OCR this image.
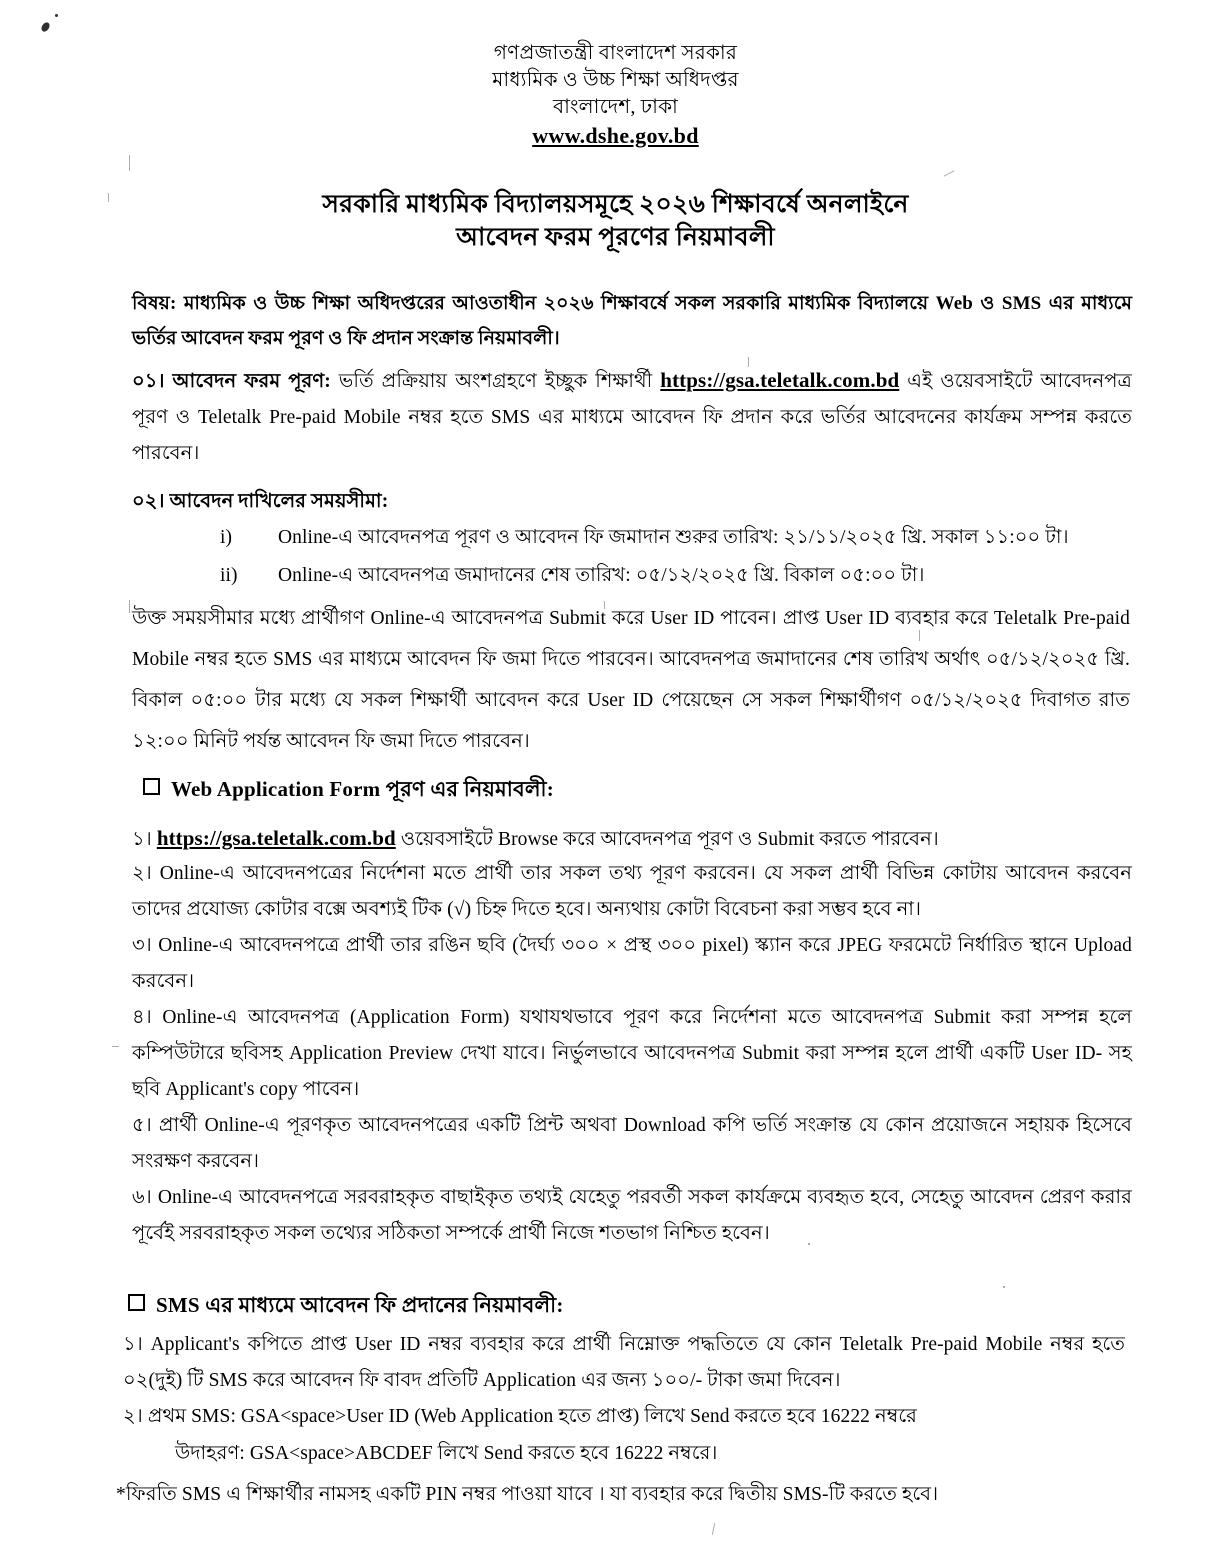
গণপ্রজাতন্ত্রী বাংলাদেশ সরকার
মাধ্যমিক ও উচ্চ শিক্ষা অধিদপ্তর
বাংলাদেশ, ঢাকা
www.dshe.gov.bd
সরকারি মাধ্যমিক বিদ্যালয়সমূহে ২০২৬ শিক্ষাবর্ষে অনলাইনে
আবেদন ফরম পূরণের নিয়মাবলী
বিষয়: মাধ্যমিক ও উচ্চ শিক্ষা অধিদপ্তরের আওতাধীন ২০২৬ শিক্ষাবর্ষে সকল সরকারি মাধ্যমিক বিদ্যালয়ে Web ও SMS এর মাধ্যমে ভর্তির আবেদন ফরম পূরণ ও ফি প্রদান সংক্রান্ত নিয়মাবলী।
০১। আবেদন ফরম পূরণ: ভর্তি প্রক্রিয়ায় অংশগ্রহণে ইচ্ছুক শিক্ষার্থী https://gsa.teletalk.com.bd এই ওয়েবসাইটে আবেদনপত্র পূরণ ও Teletalk Pre-paid Mobile নম্বর হতে SMS এর মাধ্যমে আবেদন ফি প্রদান করে ভর্তির আবেদনের কার্যক্রম সম্পন্ন করতে পারবেন।
০২। আবেদন দাখিলের সময়সীমা:
i)	Online-এ আবেদনপত্র পূরণ ও আবেদন ফি জমাদান শুরুর তারিখ: ২১/১১/২০২৫ খ্রি. সকাল ১১:০০ টা।
ii)	Online-এ আবেদনপত্র জমাদানের শেষ তারিখ: ০৫/১২/২০২৫ খ্রি. বিকাল ০৫:০০ টা।
উক্ত সময়সীমার মধ্যে প্রার্থীগণ Online-এ আবেদনপত্র Submit করে User ID পাবেন। প্রাপ্ত User ID ব্যবহার করে Teletalk Pre-paid Mobile নম্বর হতে SMS এর মাধ্যমে আবেদন ফি জমা দিতে পারবেন। আবেদনপত্র জমাদানের শেষ তারিখ অর্থাৎ ০৫/১২/২০২৫ খ্রি. বিকাল ০৫:০০ টার মধ্যে যে সকল শিক্ষার্থী আবেদন করে User ID পেয়েছেন সে সকল শিক্ষার্থীগণ ০৫/১২/২০২৫ দিবাগত রাত ১২:০০ মিনিট পর্যন্ত আবেদন ফি জমা দিতে পারবেন।
Web Application Form পূরণ এর নিয়মাবলী:
১। https://gsa.teletalk.com.bd ওয়েবসাইটে Browse করে আবেদনপত্র পূরণ ও Submit করতে পারবেন।
২। Online-এ আবেদনপত্রের নির্দেশনা মতে প্রার্থী তার সকল তথ্য পূরণ করবেন। যে সকল প্রার্থী বিভিন্ন কোটায় আবেদন করবেন তাদের প্রযোজ্য কোটার বক্সে অবশ্যই টিক (√) চিহ্ন দিতে হবে। অন্যথায় কোটা বিবেচনা করা সম্ভব হবে না।
৩। Online-এ আবেদনপত্রে প্রার্থী তার রঙিন ছবি (দৈর্ঘ্য ৩০০ × প্রস্থ ৩০০ pixel) স্ক্যান করে JPEG ফরমেটে নির্ধারিত স্থানে Upload করবেন।
৪। Online-এ আবেদনপত্র (Application Form) যথাযথভাবে পূরণ করে নির্দেশনা মতে আবেদনপত্র Submit করা সম্পন্ন হলে কম্পিউটারে ছবিসহ Application Preview দেখা যাবে। নির্ভুলভাবে আবেদনপত্র Submit করা সম্পন্ন হলে প্রার্থী একটি User ID- সহ ছবি Applicant's copy পাবেন।
৫। প্রার্থী Online-এ পূরণকৃত আবেদনপত্রের একটি প্রিন্ট অথবা Download কপি ভর্তি সংক্রান্ত যে কোন প্রয়োজনে সহায়ক হিসেবে সংরক্ষণ করবেন।
৬। Online-এ আবেদনপত্রে সরবরাহকৃত বাছাইকৃত তথ্যই যেহেতু পরবর্তী সকল কার্যক্রমে ব্যবহৃত হবে, সেহেতু আবেদন প্রেরণ করার পূর্বেই সরবরাহকৃত সকল তথ্যের সঠিকতা সম্পর্কে প্রার্থী নিজে শতভাগ নিশ্চিত হবেন।
SMS এর মাধ্যমে আবেদন ফি প্রদানের নিয়মাবলী:
১। Applicant's কপিতে প্রাপ্ত User ID নম্বর ব্যবহার করে প্রার্থী নিম্নোক্ত পদ্ধতিতে যে কোন Teletalk Pre-paid Mobile নম্বর হতে ০২(দুই) টি SMS করে আবেদন ফি বাবদ প্রতিটি Application এর জন্য ১০০/- টাকা জমা দিবেন।
২। প্রথম SMS: GSA<space>User ID (Web Application হতে প্রাপ্ত) লিখে Send করতে হবে 16222 নম্বরে
উদাহরণ: GSA<space>ABCDEF লিখে Send করতে হবে 16222 নম্বরে।
*ফিরতি SMS এ শিক্ষার্থীর নামসহ একটি PIN নম্বর পাওয়া যাবে । যা ব্যবহার করে দ্বিতীয় SMS-টি করতে হবে।
